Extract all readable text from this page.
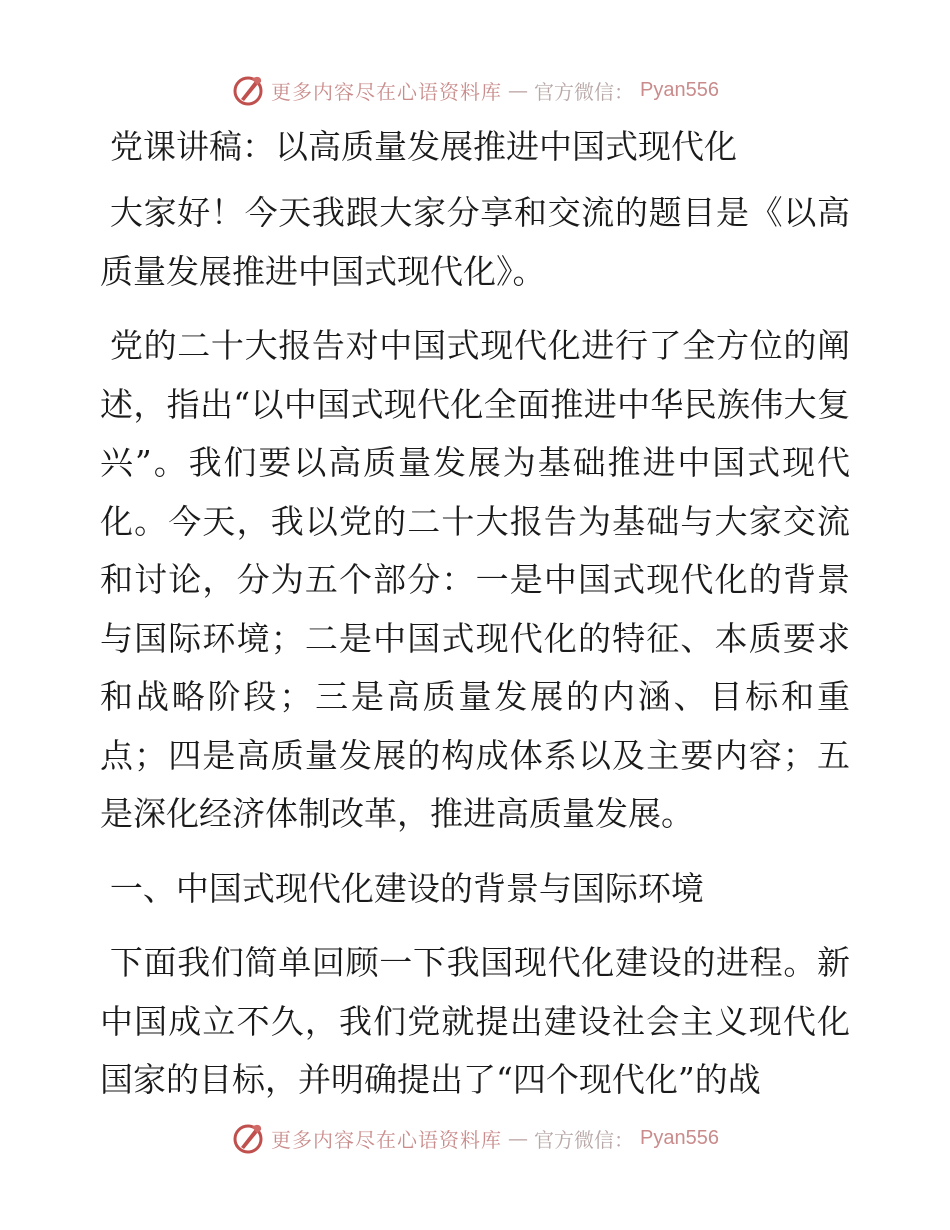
更多内容尽在心语资料库 — 官方微信： Pyan556

党课讲稿：以高质量发展推进中国式现代化

大家好！今天我跟大家分享和交流的题目是《以高质量发展推进中国式现代化》。

党的二十大报告对中国式现代化进行了全方位的阐述，指出“以中国式现代化全面推进中华民族伟大复兴”。我们要以高质量发展为基础推进中国式现代化。今天，我以党的二十大报告为基础与大家交流和讨论，分为五个部分：一是中国式现代化的背景与国际环境；二是中国式现代化的特征、本质要求和战略阶段；三是高质量发展的内涵、目标和重点；四是高质量发展的构成体系以及主要内容；五是深化经济体制改革，推进高质量发展。

一、中国式现代化建设的背景与国际环境

下面我们简单回顾一下我国现代化建设的进程。新中国成立不久，我们党就提出建设社会主义现代化国家的目标，并明确提出了“四个现代化”的战

更多内容尽在心语资料库 — 官方微信： Pyan556
